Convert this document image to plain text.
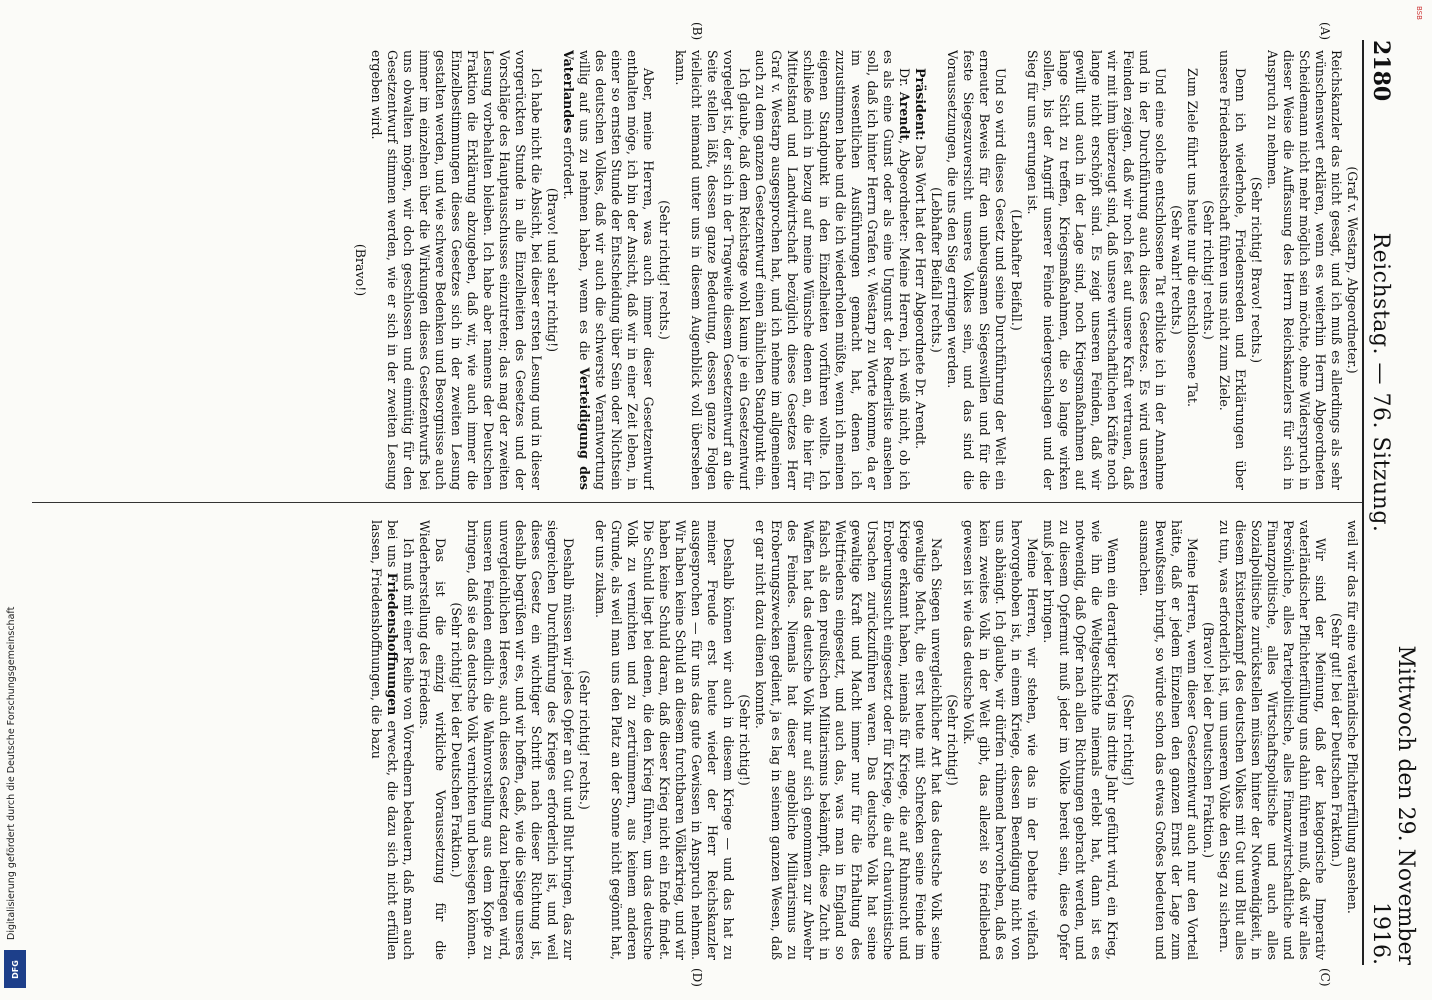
2180
Reichstag. — 76. Sitzung.
Mittwoch den 29. November 1916.
(A)
(B)
(C)
(D)

(Graf v. Westarp, Abgeordneter.)

Reichskanzler das nicht gesagt, und ich muß es allerdings als sehr wünschenswert erklären, wenn es weiterhin Herrn Abgeordneten Scheidemann nicht mehr möglich sein möchte, ohne Widerspruch in dieser Weise die Auffassung des Herrn Reichskanzlers für sich in Anspruch zu nehmen.

(Sehr richtig! Bravo! rechts.)

Denn ich wiederhole, Friedensreden und Erklärungen über unsere Friedensbereitschaft führen uns nicht zum Ziele.

(Sehr richtig! rechts.)

Zum Ziele führt uns heute nur die entschlossene Tat.

(Sehr wahr! rechts.)

Und eine solche entschlossene Tat erblicke ich in der Annahme und in der Durchführung auch dieses Gesetzes. Es wird unseren Feinden zeigen, daß wir noch fest auf unsere Kraft vertrauen, daß wir mit ihm überzeugt sind, daß unsere wirtschaftlichen Kräfte noch lange nicht erschöpft sind. Es zeigt unseren Feinden, daß wir gewillt und auch in der Lage sind, noch Kriegsmaßnahmen auf lange Sicht zu treffen, Kriegsmaßnahmen, die so lange wirken sollen, bis der Angriff unserer Feinde niedergeschlagen und der Sieg für uns errungen ist.

(Lebhafter Beifall.)

Und so wird dieses Gesetz und seine Durchführung der Welt ein erneuter Beweis für den unbeugsamen Siegeswillen und für die feste Siegeszuversicht unseres Volkes sein, und das sind die Voraussetzungen, die uns den Sieg erringen werden.

(Lebhafter Beifall rechts.)

Präsident: Das Wort hat der Herr Abgeordnete Dr. Arendt.

Dr. Arendt, Abgeordneter: Meine Herren, ich weiß nicht, ob ich es als eine Gunst oder als eine Ungunst der Rednerliste ansehen soll, daß ich hinter Herrn Grafen v. Westarp zu Worte komme, da er im wesentlichen Ausführungen gemacht hat, denen ich zuzustimmen habe und die ich wiederholen müßte, wenn ich meinen eigenen Standpunkt in den Einzelheiten vorführen wollte. Ich schließe mich in bezug auf meine Wünsche denen an, die hier für Mittelstand und Landwirtschaft bezüglich dieses Gesetzes Herr Graf v. Westarp ausgesprochen hat, und ich nehme im allgemeinen auch zu dem ganzen Gesetzentwurf einen ähnlichen Standpunkt ein.

Ich glaube, daß dem Reichstage wohl kaum je ein Gesetzentwurf vorgelegt ist, der sich in der Tragweite diesem Gesetzentwurf an die Seite stellen läßt, dessen ganze Bedeutung, dessen ganze Folgen vielleicht niemand unter uns in diesem Augenblick voll übersehen kann.

(Sehr richtig! rechts.)

Aber, meine Herren, was auch immer dieser Gesetzentwurf enthalten möge, ich bin der Ansicht, daß wir in einer Zeit leben, in einer so ernsten Stunde der Entscheidung über Sein oder Nichtsein des deutschen Volkes, daß wir auch die schwerste Verantwortung willig auf uns zu nehmen haben, wenn es die Verteidigung des Vaterlandes erfordert.

(Bravo! und sehr richtig!)

Ich habe nicht die Absicht, bei dieser ersten Lesung und in dieser vorgerückten Stunde in alle Einzelheiten des Gesetzes und der Vorschläge des Hauptausschusses einzutreten; das mag der zweiten Lesung vorbehalten bleiben. Ich habe aber namens der Deutschen Fraktion die Erklärung abzugeben, daß wir, wie auch immer die Einzelbestimmungen dieses Gesetzes sich in der zweiten Lesung gestalten werden, und wie schwere Bedenken und Besorgnisse auch immer im einzelnen über die Wirkungen dieses Gesetzentwurfs bei uns obwalten mögen, wir doch geschlossen und einmütig für den Gesetzentwurf stimmen werden, wie er sich in der zweiten Lesung ergeben wird.

(Bravo!)

weil wir das für eine vaterländische Pflichterfüllung ansehen.

(Sehr gut! bei der Deutschen Fraktion.)

Wir sind der Meinung, daß der kategorische Imperativ vaterländischer Pflichterfüllung uns dahin führen muß, daß wir alles Persönliche, alles Parteipolitische, alles Finanzwirtschaftliche und Finanzpolitische, alles Wirtschaftspolitische und auch alles Sozialpolitische zurückstellen müssen hinter der Notwendigkeit, in diesem Existenzkampf des deutschen Volkes mit Gut und Blut alles zu tun, was erforderlich ist, um unserem Volke den Sieg zu sichern.

(Bravo! bei der Deutschen Fraktion.)

Meine Herren, wenn dieser Gesetzentwurf auch nur den Vorteil hätte, daß er jedem Einzelnen den ganzen Ernst der Lage zum Bewußtsein bringt, so würde schon das etwas Großes bedeuten und ausmachen.

(Sehr richtig!)

Wenn ein derartiger Krieg ins dritte Jahr geführt wird, ein Krieg, wie ihn die Weltgeschichte niemals erlebt hat, dann ist es notwendig, daß Opfer nach allen Richtungen gebracht werden, und zu diesem Opfermut muß jeder im Volke bereit sein, diese Opfer muß jeder bringen.

Meine Herren, wir stehen, wie das in der Debatte vielfach hervorgehoben ist, in einem Kriege, dessen Beendigung nicht von uns abhängt. Ich glaube, wir dürfen rühmend hervorheben, daß es kein zweites Volk in der Welt gibt, das allezeit so friedliebend gewesen ist wie das deutsche Volk.

(Sehr richtig!)

Nach Siegen unvergleichlicher Art hat das deutsche Volk seine gewaltige Macht, die erst heute mit Schrecken seine Feinde im Kriege erkannt haben, niemals für Kriege, die auf Ruhmsucht und Eroberungssucht eingesetzt oder für Kriege, die auf chauvinistische Ursachen zurückzuführen waren. Das deutsche Volk hat seine gewaltige Kraft und Macht immer nur für die Erhaltung des Weltfriedens eingesetzt, und auch das, was man in England so falsch als den preußischen Militarismus bekämpft, diese Zucht in Waffen hat das deutsche Volk nur auf sich genommen zur Abwehr des Feindes. Niemals hat dieser angebliche Militarismus zu Eroberungszwecken gedient, ja es lag in seinem ganzen Wesen, daß er gar nicht dazu dienen konnte.

(Sehr richtig!)

Deshalb können wir auch in diesem Kriege — und das hat zu meiner Freude erst heute wieder der Herr Reichskanzler ausgesprochen — für uns das gute Gewissen in Anspruch nehmen. Wir haben keine Schuld an diesem furchtbaren Völkerkrieg, und wir haben keine Schuld daran, daß dieser Krieg nicht ein Ende findet. Die Schuld liegt bei denen, die den Krieg führen, um das deutsche Volk zu vernichten und zu zertrümmern, aus keinem anderen Grunde, als weil man uns den Platz an der Sonne nicht gegönnt hat, der uns zukam.

(Sehr richtig! rechts.)

Deshalb müssen wir jedes Opfer an Gut und Blut bringen, das zur siegreichen Durchführung des Krieges erforderlich ist, und weil dieses Gesetz ein wichtiger Schritt nach dieser Richtung ist, deshalb begrüßen wir es, und wir hoffen, daß, wie die Siege unseres unvergleichlichen Heeres, auch dieses Gesetz dazu beitragen wird, unseren Feinden endlich die Wahnvorstellung aus dem Kopfe zu bringen, daß sie das deutsche Volk vernichten und besiegen können.

(Sehr richtig! bei der Deutschen Fraktion.)

Das ist die einzig wirkliche Voraussetzung für die Wiederherstellung des Friedens.

Ich muß mit einer Reihe von Vorrednern bedauern, daß man auch bei uns Friedenshoffnungen erweckt, die dazu sich nicht erfüllen lassen, Friedenshoffnungen, die bazu

Digitalisierung gefördert durch die Deutsche Forschungsgemeinschaft
DFG
BSB
